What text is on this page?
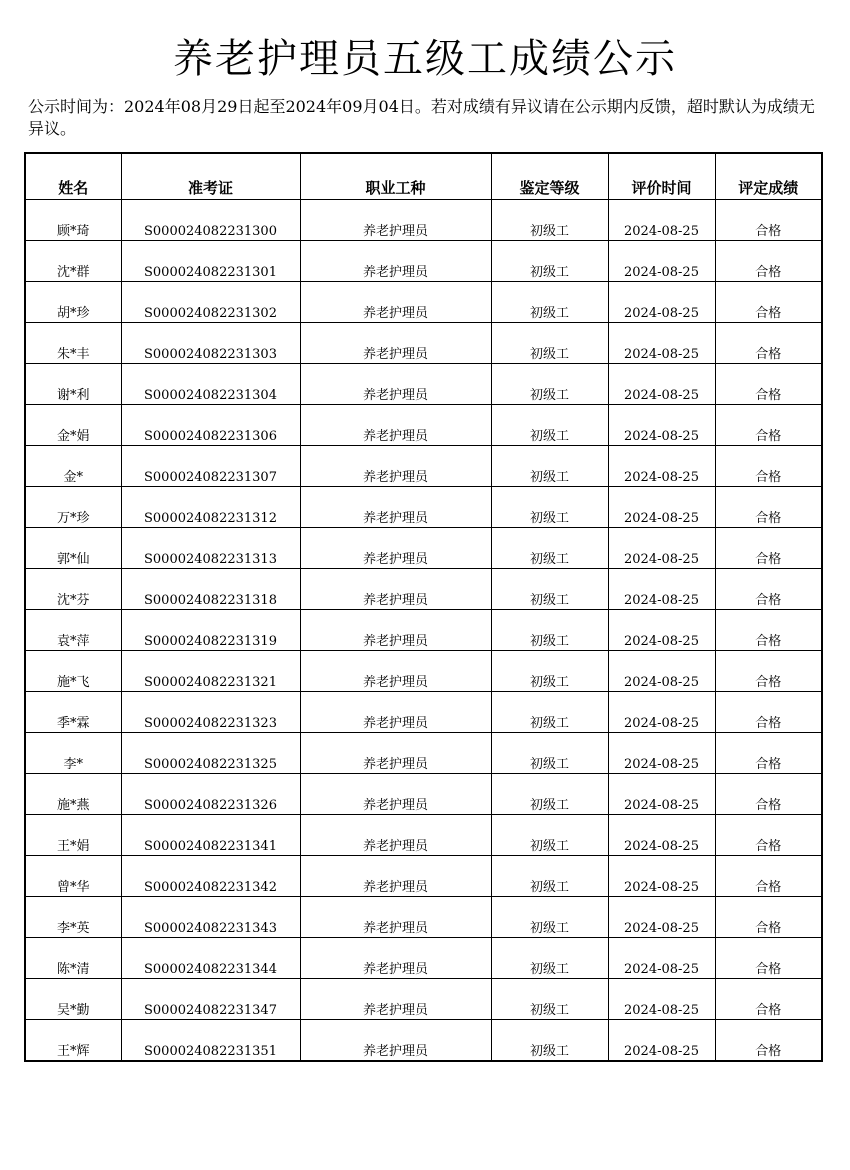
养老护理员五级工成绩公示
公示时间为：2024年08月29日起至2024年09月04日。若对成绩有异议请在公示期内反馈，超时默认为成绩无异议。
姓名	准考证	职业工种	鉴定等级	评价时间	评定成绩
顾*琦	S000024082231300	养老护理员	初级工	2024-08-25	合格
沈*群	S000024082231301	养老护理员	初级工	2024-08-25	合格
胡*珍	S000024082231302	养老护理员	初级工	2024-08-25	合格
朱*丰	S000024082231303	养老护理员	初级工	2024-08-25	合格
谢*利	S000024082231304	养老护理员	初级工	2024-08-25	合格
金*娟	S000024082231306	养老护理员	初级工	2024-08-25	合格
金*	S000024082231307	养老护理员	初级工	2024-08-25	合格
万*珍	S000024082231312	养老护理员	初级工	2024-08-25	合格
郭*仙	S000024082231313	养老护理员	初级工	2024-08-25	合格
沈*芬	S000024082231318	养老护理员	初级工	2024-08-25	合格
袁*萍	S000024082231319	养老护理员	初级工	2024-08-25	合格
施*飞	S000024082231321	养老护理员	初级工	2024-08-25	合格
季*霖	S000024082231323	养老护理员	初级工	2024-08-25	合格
李*	S000024082231325	养老护理员	初级工	2024-08-25	合格
施*燕	S000024082231326	养老护理员	初级工	2024-08-25	合格
王*娟	S000024082231341	养老护理员	初级工	2024-08-25	合格
曾*华	S000024082231342	养老护理员	初级工	2024-08-25	合格
李*英	S000024082231343	养老护理员	初级工	2024-08-25	合格
陈*清	S000024082231344	养老护理员	初级工	2024-08-25	合格
吴*勤	S000024082231347	养老护理员	初级工	2024-08-25	合格
王*辉	S000024082231351	养老护理员	初级工	2024-08-25	合格
